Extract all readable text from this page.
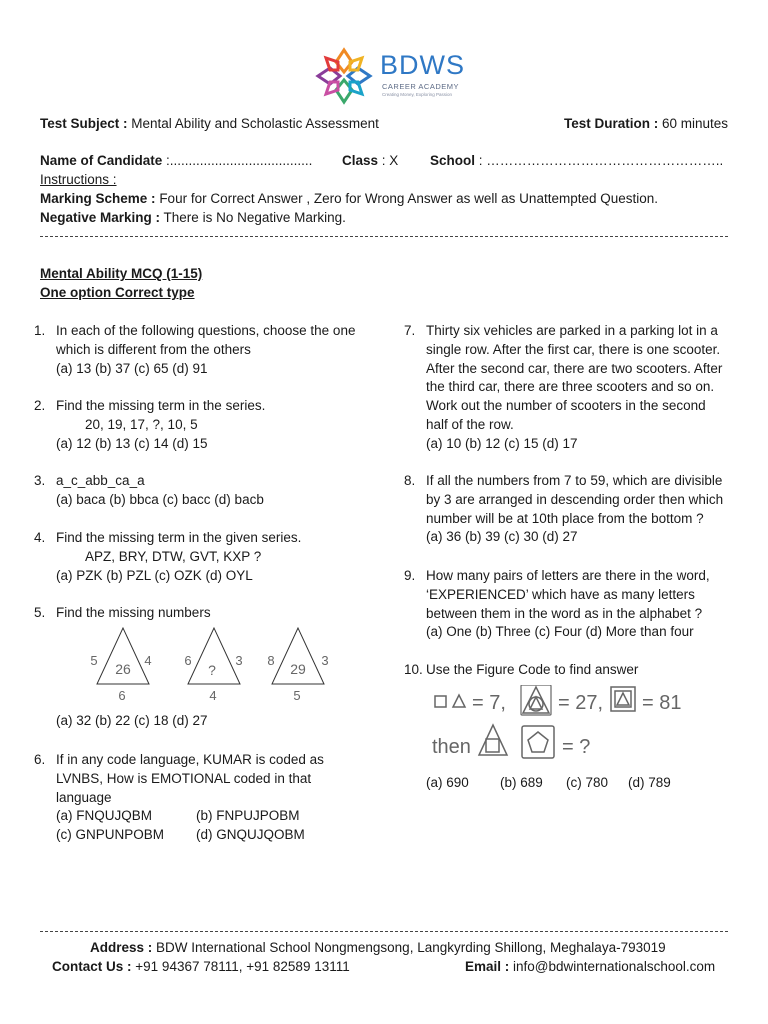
BDWS
CAREER ACADEMY
Creating Money, Exploring Passion
Test Subject : Mental Ability and Scholastic Assessment	Test Duration : 60 minutes
Name of Candidate :...................................... Class : X School : ……………………………………………..
Instructions :
Marking Scheme : Four for Correct Answer , Zero for Wrong Answer as well as Unattempted Question.
Negative Marking : There is No Negative Marking.
Mental Ability MCQ (1-15)
One option Correct type
1. In each of the following questions, choose the one
which is different from the others
(a) 13 (b) 37 (c) 65 (d) 91
2. Find the missing term in the series.
20, 19, 17, ?, 10, 5
(a) 12 (b) 13 (c) 14 (d) 15
3. a_c_abb_ca_a
(a) baca (b) bbca (c) bacc (d) bacb
4. Find the missing term in the given series.
APZ, BRY, DTW, GVT, KXP ?
(a) PZK (b) PZL (c) OZK (d) OYL
5. Find the missing numbers
5	4
26
6
6	3
?
4
8	3
29
5
(a) 32 (b) 22 (c) 18 (d) 27
6. If in any code language, KUMAR is coded as
LVNBS, How is EMOTIONAL coded in that
language
(a) FNQUJQBM	(b) FNPUJPOBM
(c) GNPUNPOBM (d) GNQUJQOBM
7. Thirty six vehicles are parked in a parking lot in a
single row. After the first car, there is one scooter.
After the second car, there are two scooters. After
the third car, there are three scooters and so on.
Work out the number of scooters in the second
half of the row.
(a) 10 (b) 12 (c) 15 (d) 17
8. If all the numbers from 7 to 59, which are divisible
by 3 are arranged in descending order then which
number will be at 10th place from the bottom ?
(a) 36 (b) 39 (c) 30 (d) 27
9. How many pairs of letters are there in the word,
‘EXPERIENCED’ which have as many letters
between them in the word as in the alphabet ?
(a) One (b) Three (c) Four (d) More than four
10. Use the Figure Code to find answer
= 7,	= 27, = 81
then	= ?
(a) 690 (b) 689 (c) 780 (d) 789
Address : BDW International School Nongmengsong, Langkyrding Shillong, Meghalaya-793019
Contact Us : +91 94367 78111, +91 82589 13111	Email : info@bdwinternationalschool.com
